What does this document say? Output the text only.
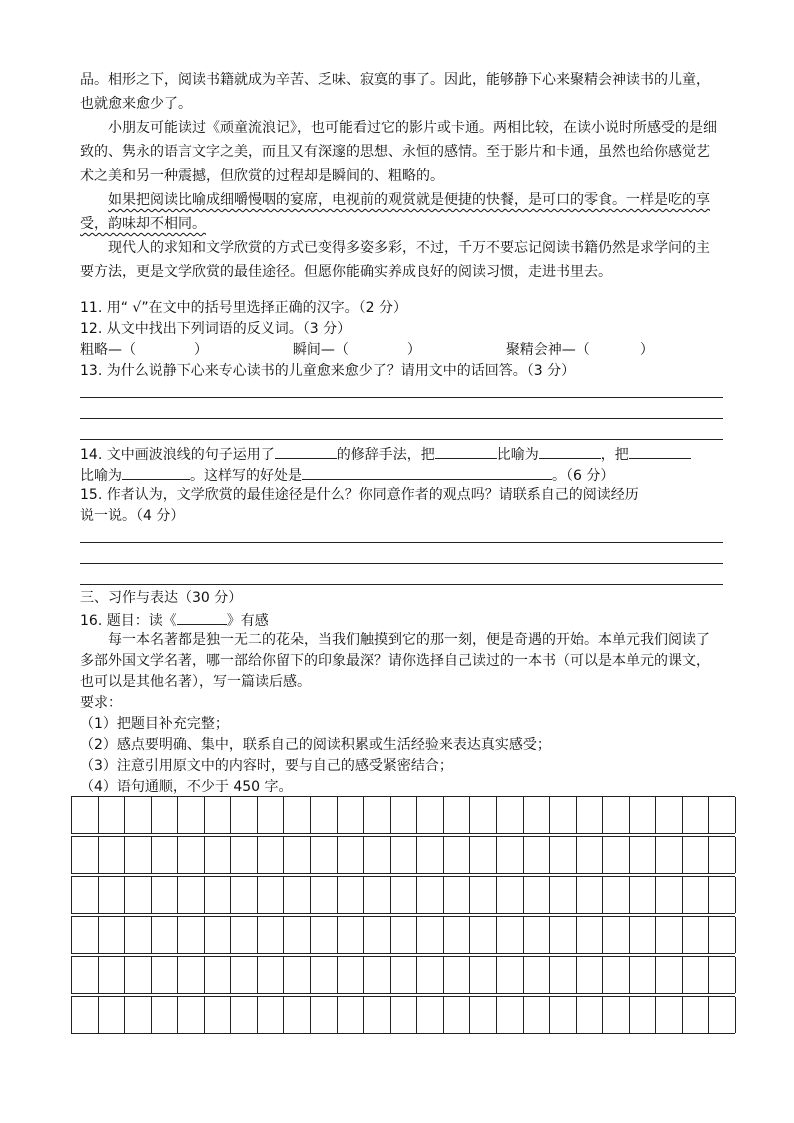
品。相形之下，阅读书籍就成为辛苦、乏味、寂寞的事了。因此，能够静下心来聚精会神读书的儿童，也就愈来愈少了。
小朋友可能读过《顽童流浪记》，也可能看过它的影片或卡通。两相比较，在读小说时所感受的是细致的、隽永的语言文字之美，而且又有深邃的思想、永恒的感情。至于影片和卡通，虽然也给你感觉艺术之美和另一种震撼，但欣赏的过程却是瞬间的、粗略的。
如果把阅读比喻成细嚼慢咽的宴席，电视前的观赏就是便捷的快餐，是可口的零食。一样是吃的享受，韵味却不相同。
现代人的求知和文学欣赏的方式已变得多姿多彩，不过，千万不要忘记阅读书籍仍然是求学问的主要方法，更是文学欣赏的最佳途径。但愿你能确实养成良好的阅读习惯，走进书里去。
11. 用“ √”在文中的括号里选择正确的汉字。（2 分）
12. 从文中找出下列词语的反义词。（3 分）
粗略—（	）	瞬间—（	）	聚精会神—（	）
13. 为什么说静下心来专心读书的儿童愈来愈少了？请用文中的话回答。（3 分）
14. 文中画波浪线的句子运用了	的修辞手法，把	比喻为	，把
比喻为	。这样写的好处是	。（6 分）
15. 作者认为，文学欣赏的最佳途径是什么？你同意作者的观点吗？请联系自己的阅读经历
说一说。（4 分）
三、习作与表达（30 分）
16. 题目：读《	》有感
每一本名著都是独一无二的花朵，当我们触摸到它的那一刻，便是奇遇的开始。本单元我们阅读了多部外国文学名著，哪一部给你留下的印象最深？请你选择自己读过的一本书（可以是本单元的课文，也可以是其他名著），写一篇读后感。
要求：
（1）把题目补充完整；
（2）感点要明确、集中，联系自己的阅读积累或生活经验来表达真实感受；
（3）注意引用原文中的内容时，要与自己的感受紧密结合；
（4）语句通顺，不少于 450 字。
